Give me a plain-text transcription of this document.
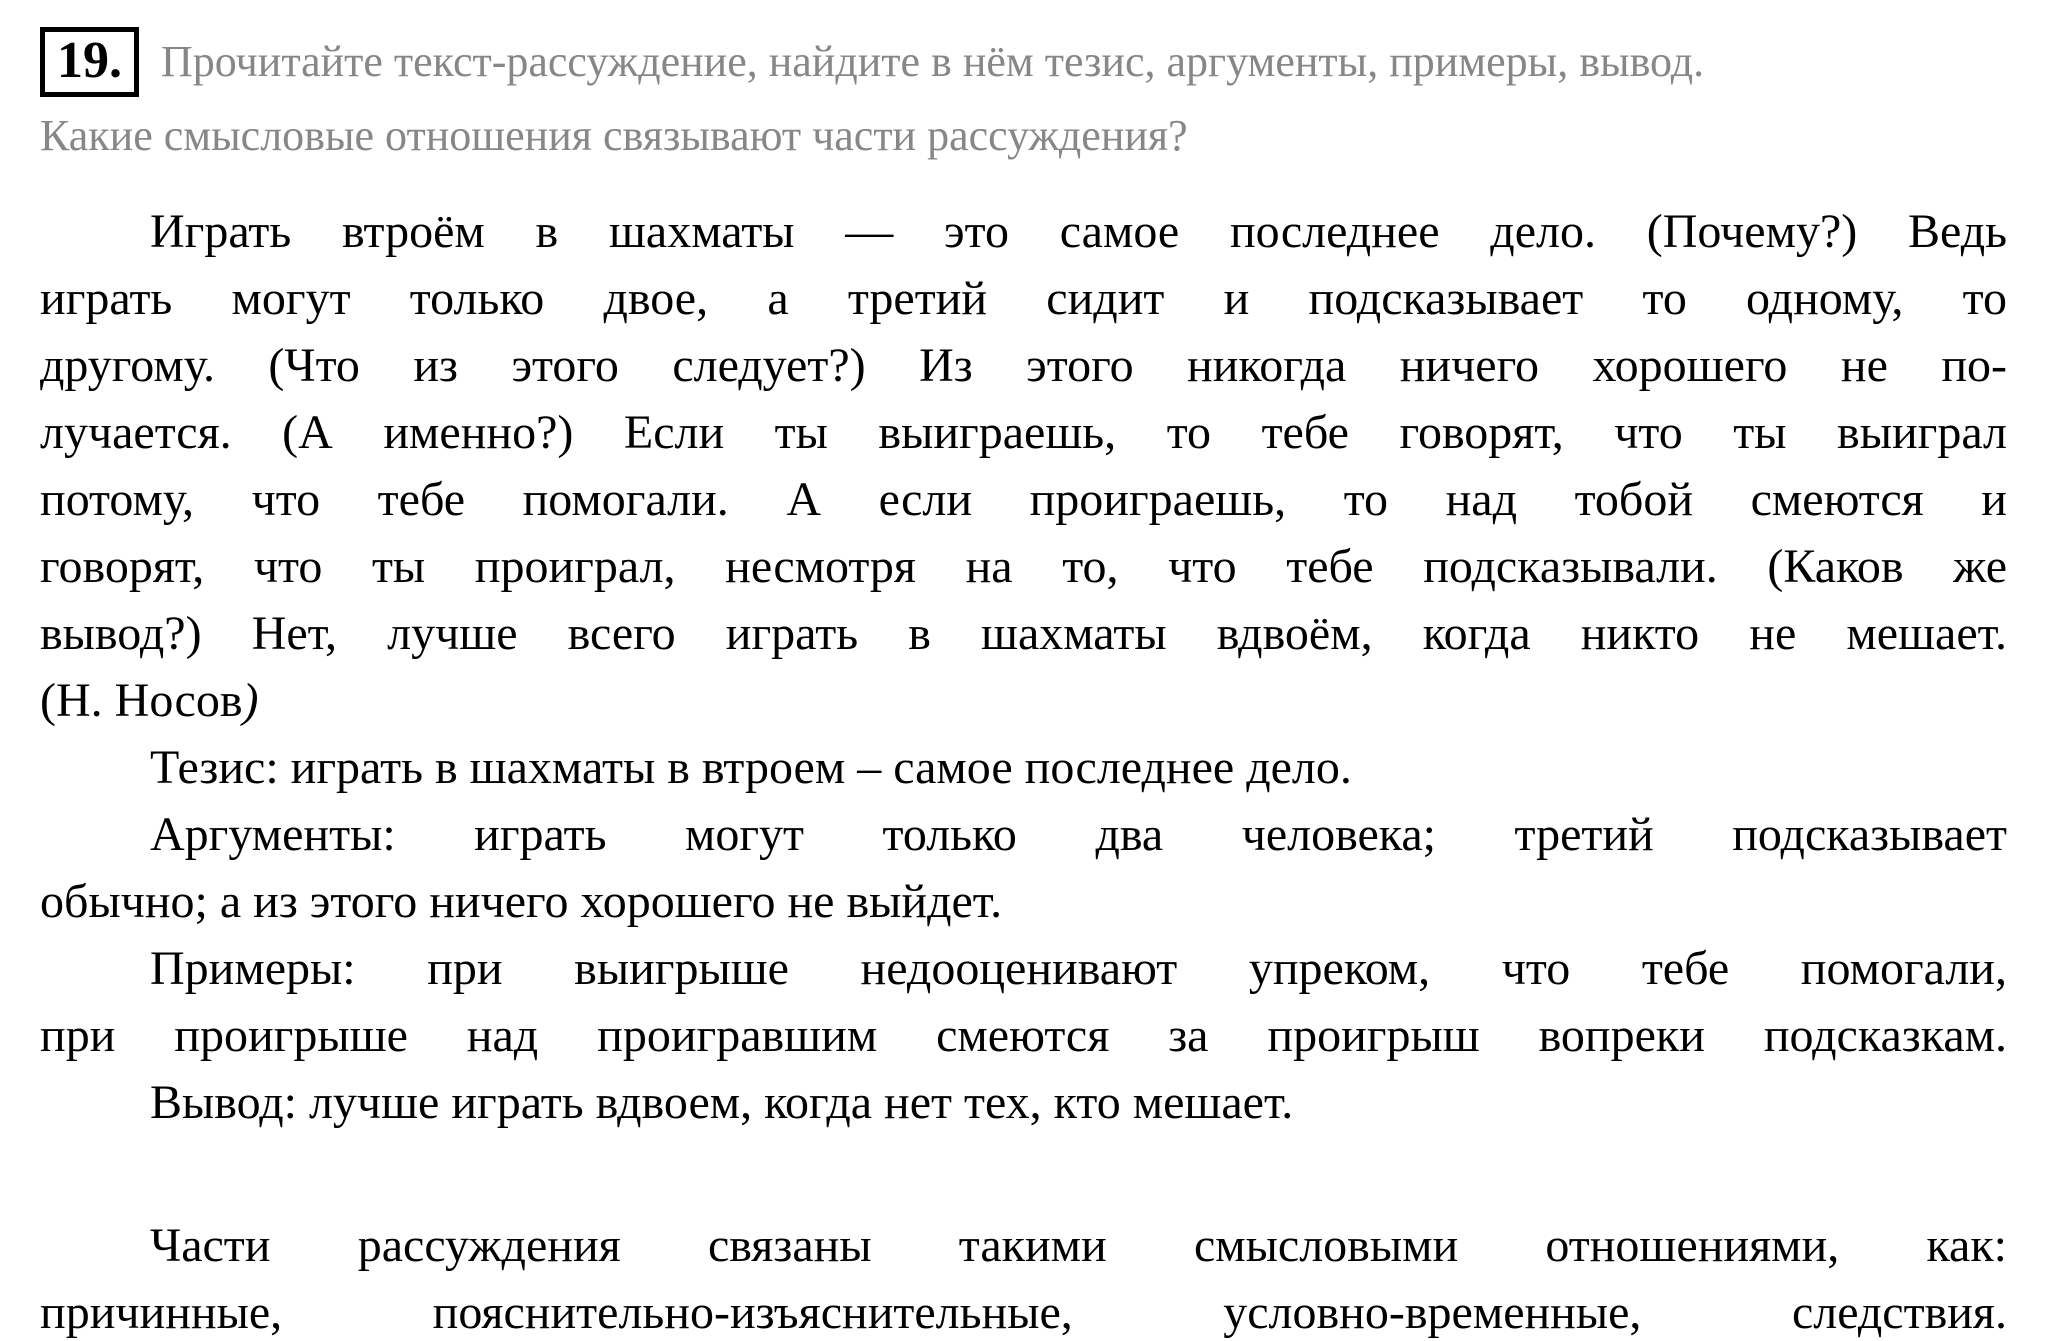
19. Прочитайте текст-рассуждение, найдите в нём тезис, аргументы, примеры, вывод.
Какие смысловые отношения связывают части рассуждения?
Играть втроём в шахматы — это самое последнее дело. (Почему?) Ведь
играть могут только двое, а третий сидит и подсказывает то одному, то
другому. (Что из этого следует?) Из этого никогда ничего хорошего не по-
лучается. (А именно?) Если ты выиграешь, то тебе говорят, что ты выиграл
потому, что тебе помогали. А если проиграешь, то над тобой смеются и
говорят, что ты проиграл, несмотря на то, что тебе подсказывали. (Каков же
вывод?) Нет, лучше всего играть в шахматы вдвоём, когда никто не мешает.
(Н. Носов)
Тезис: играть в шахматы в втроем – самое последнее дело.
Аргументы: играть могут только два человека; третий подсказывает
обычно; а из этого ничего хорошего не выйдет.
Примеры: при выигрыше недооценивают упреком, что тебе помогали,
при проигрыше над проигравшим смеются за проигрыш вопреки подсказкам.
Вывод: лучше играть вдвоем, когда нет тех, кто мешает.
Части рассуждения связаны такими смысловыми отношениями, как:
причинные, пояснительно-изъяснительные, условно-временные, следствия.
